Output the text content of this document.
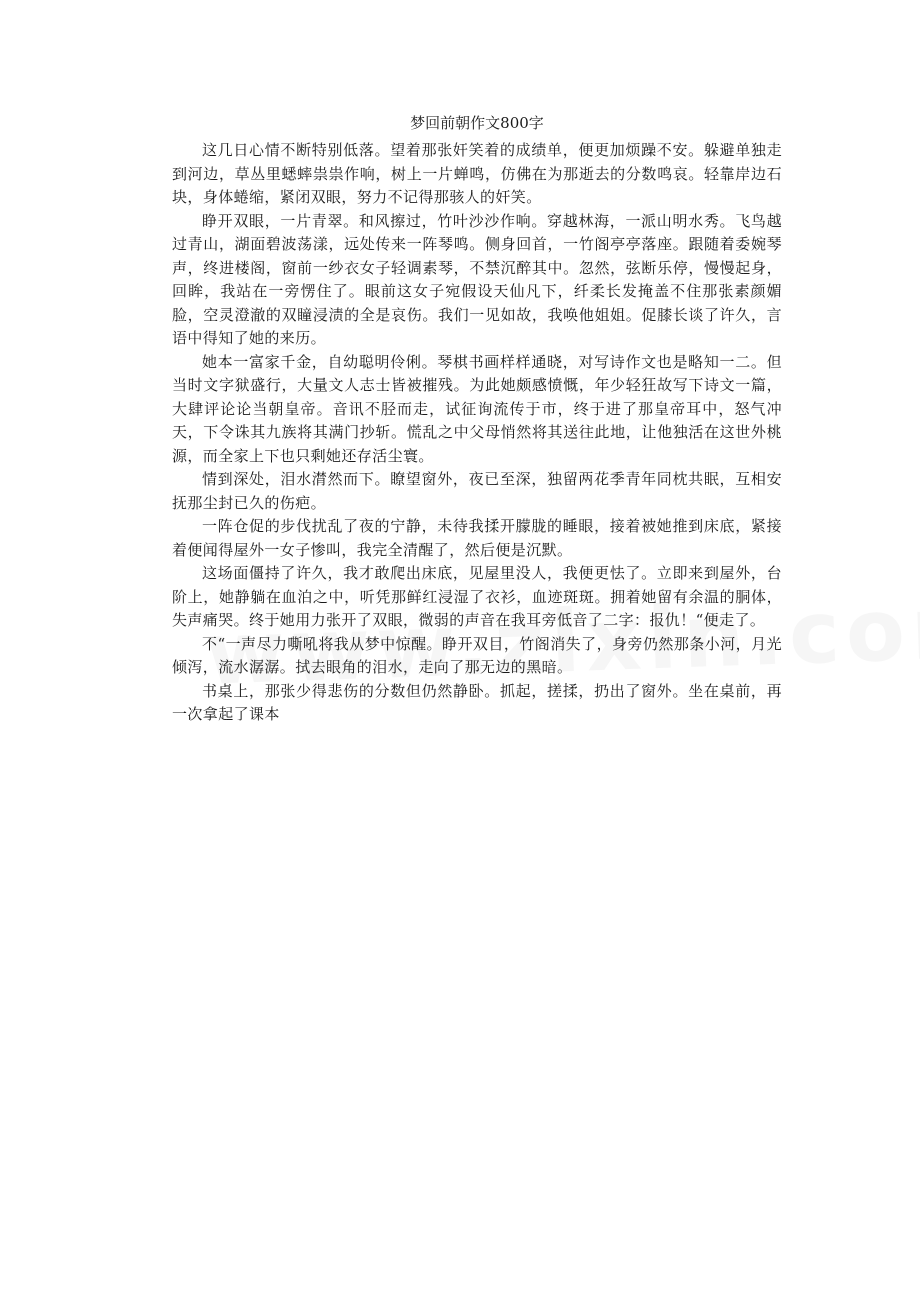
梦回前朝作文800字

这几日心情不断特别低落。望着那张奸笑着的成绩单，便更加烦躁不安。躲避单独走到河边，草丛里蟋蟀祟祟作响，树上一片蝉鸣，仿佛在为那逝去的分数鸣哀。轻靠岸边石块，身体蜷缩，紧闭双眼，努力不记得那骇人的奸笑。

睁开双眼，一片青翠。和风擦过，竹叶沙沙作响。穿越林海，一派山明水秀。飞鸟越过青山，湖面碧波荡漾，远处传来一阵琴鸣。侧身回首，一竹阁亭亭落座。跟随着委婉琴声，终进楼阁，窗前一纱衣女子轻调素琴，不禁沉醉其中。忽然，弦断乐停，慢慢起身，回眸，我站在一旁愣住了。眼前这女子宛假设天仙凡下，纤柔长发掩盖不住那张素颜媚脸，空灵澄澈的双瞳浸渍的全是哀伤。我们一见如故，我唤他姐姐。促膝长谈了许久，言语中得知了她的来历。

她本一富家千金，自幼聪明伶俐。琴棋书画样样通晓，对写诗作文也是略知一二。但当时文字狱盛行，大量文人志士皆被摧残。为此她颇感愤慨，年少轻狂故写下诗文一篇，大肆评论论当朝皇帝。音讯不胫而走，试征询流传于市，终于进了那皇帝耳中，怒气冲天，下令诛其九族将其满门抄斩。慌乱之中父母悄然将其送往此地，让他独活在这世外桃源，而全家上下也只剩她还存活尘寰。

情到深处，泪水潸然而下。瞭望窗外，夜已至深，独留两花季青年同枕共眠，互相安抚那尘封已久的伤疤。

一阵仓促的步伐扰乱了夜的宁静，未待我揉开朦胧的睡眼，接着被她推到床底，紧接着便闻得屋外一女子惨叫，我完全清醒了，然后便是沉默。

这场面僵持了许久，我才敢爬出床底，见屋里没人，我便更怯了。立即来到屋外，台阶上，她静躺在血泊之中，听凭那鲜红浸湿了衣衫，血迹斑斑。拥着她留有余温的胴体，失声痛哭。终于她用力张开了双眼，微弱的声音在我耳旁低音了二字：报仇！“便走了。

不“一声尽力嘶吼将我从梦中惊醒。睁开双目，竹阁消失了，身旁仍然那条小河，月光倾泻，流水潺潺。拭去眼角的泪水，走向了那无边的黑暗。

书桌上，那张少得悲伤的分数但仍然静卧。抓起，搓揉，扔出了窗外。坐在桌前，再一次拿起了课本
